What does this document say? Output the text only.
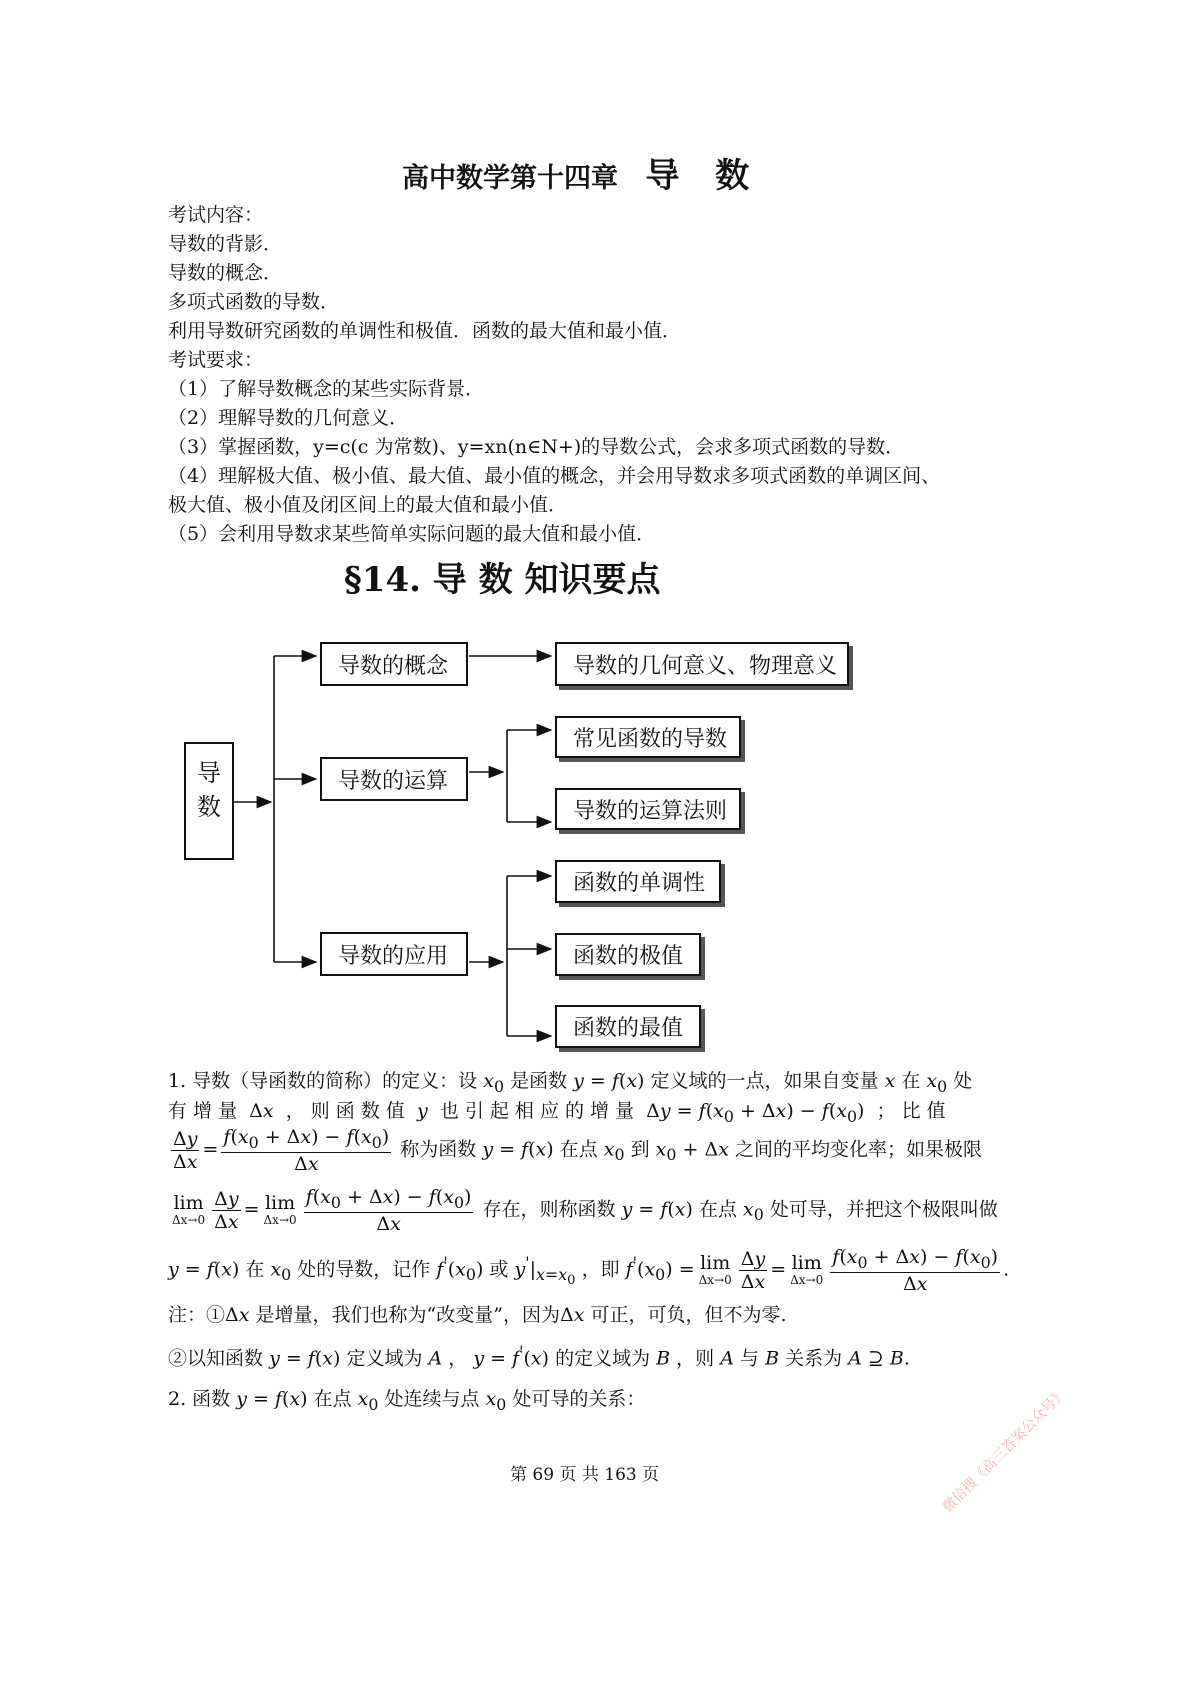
高中数学第十四章 导 数
考试内容：
导数的背影．
导数的概念．
多项式函数的导数．
利用导数研究函数的单调性和极值．函数的最大值和最小值．
考试要求：
（1）了解导数概念的某些实际背景．
（2）理解导数的几何意义．
（3）掌握函数，y=c(c 为常数)、y=xn(n∈N+)的导数公式，会求多项式函数的导数．
（4）理解极大值、极小值、最大值、最小值的概念，并会用导数求多项式函数的单调区间、
极大值、极小值及闭区间上的最大值和最小值．
（5）会利用导数求某些简单实际问题的最大值和最小值．
§14. 导 数 知识要点
导
数
导数的概念	导数的几何意义、物理意义
导数的运算
常见函数的导数
导数的运算法则
导数的应用
函数的单调性
函数的极值
函数的最值
1. 导数（导函数的简称）的定义：设 $x_0$ 是函数 y = f(x) 定义域的一点，如果自变量 x 在 $x_0$ 处
有 增 量  Δx ， 则 函 数 值 y 也 引 起 相 应 的 增 量  $\Delta y = f(x_0 + \Delta x) - f(x_0)$  ； 比 值
$\frac{\Delta y}{\Delta x} = \frac{f(x_0 + \Delta x) - f(x_0)}{\Delta x}$ 称为函数 y = f(x) 在点 $x_0$ 到 $x_0 + \Delta x$ 之间的平均变化率；如果极限
lim
$\Delta x\to 0 \frac{\Delta y}{\Delta x} = \lim$
$\Delta x\to 0 \frac{f(x_0 + \Delta x) - f(x_0)}{\Delta x}$ 存在，则称函数 y = f(x) 在点 $x_0$ 处可导，并把这个极限叫做
y = f(x) 在 $x_0$ 处的导数，记作 $f'(x_0)$ 或 $y'|_{x=x_0}$ ，即 $f'(x_0) = \lim$
$\Delta x\to 0 \frac{\Delta y}{\Delta x} = \lim$
$\Delta x\to 0 \frac{f(x_0 + \Delta x) - f(x_0)}{\Delta x}$ .
注：①Δx 是增量，我们也称为“改变量”，因为Δx 可正，可负，但不为零.
②以知函数 y = f(x) 定义域为 A ， y = f'(x) 的定义域为 B ，则 A 与 B 关系为 A ⊇ B.
2. 函数 y = f(x) 在点 $x_0$ 处连续与点 $x_0$ 处可导的关系：
第 69 页 共 163 页	微信搜《高三答案公众号》
